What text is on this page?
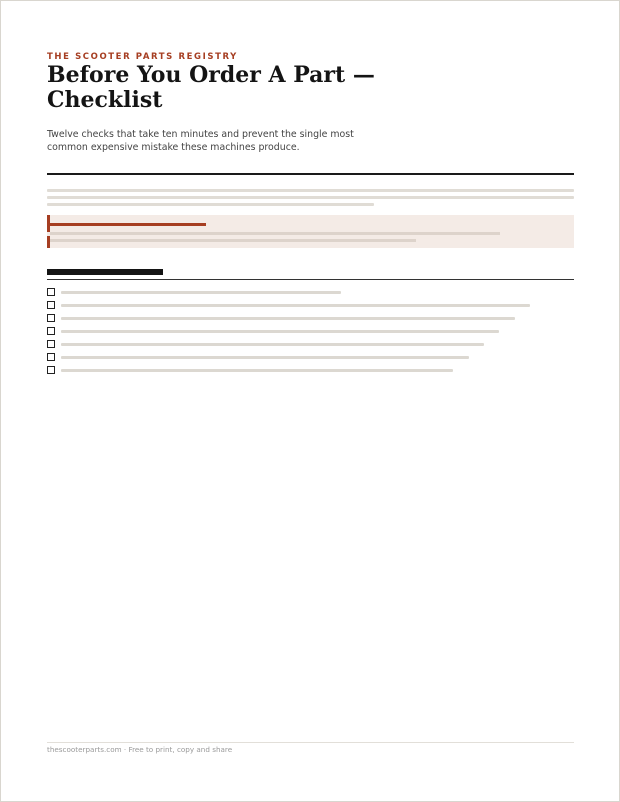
THE SCOOTER PARTS REGISTRY
Before You Order A Part — Checklist

Twelve checks that take ten minutes and prevent the single most common expensive mistake these machines produce.

thescooterparts.com · Free to print, copy and share
